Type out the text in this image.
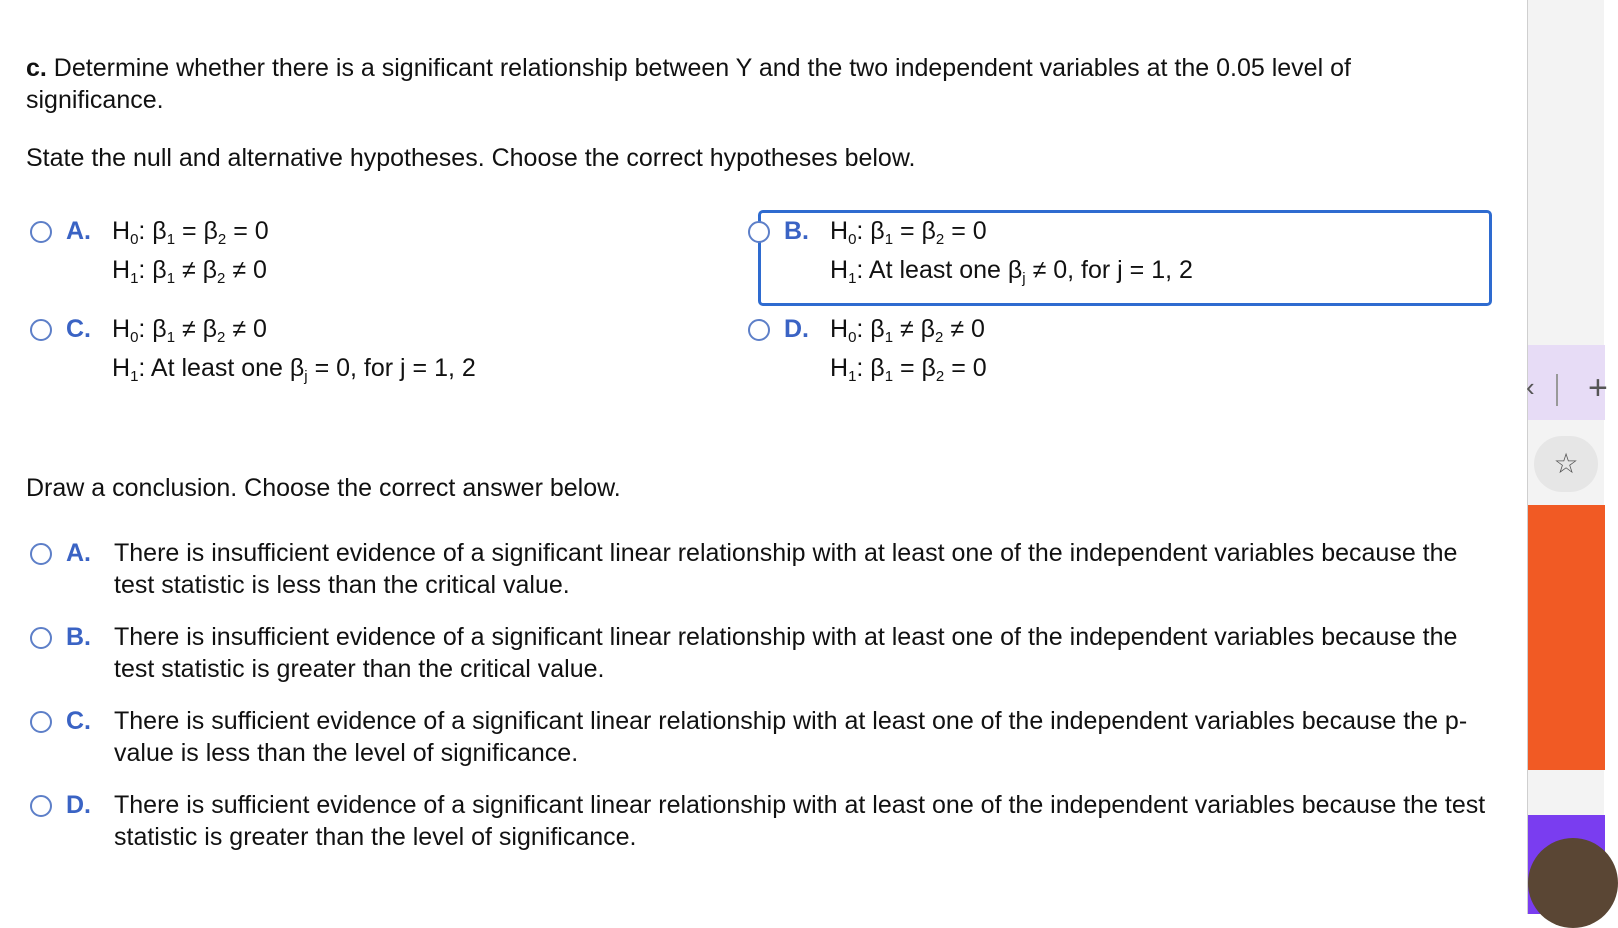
c. Determine whether there is a significant relationship between Y and the two independent variables at the 0.05 level of significance.
State the null and alternative hypotheses. Choose the correct hypotheses below.
A. $H_0$: $\beta_1 = \beta_2 = 0$
$H_1$: $\beta_1 \ne \beta_2 \ne 0$
B. $H_0$: $\beta_1 = \beta_2 = 0$
$H_1$: At least one $\beta_j \ne 0$, for j = 1, 2
C. $H_0$: $\beta_1 \ne \beta_2 \ne 0$
$H_1$: At least one $\beta_j = 0$, for j = 1, 2
D. $H_0$: $\beta_1 \ne \beta_2 \ne 0$
$H_1$: $\beta_1 = \beta_2 = 0$
Draw a conclusion. Choose the correct answer below.
A. There is insufficient evidence of a significant linear relationship with at least one of the independent variables because the test statistic is less than the critical value.
B. There is insufficient evidence of a significant linear relationship with at least one of the independent variables because the test statistic is greater than the critical value.
C. There is sufficient evidence of a significant linear relationship with at least one of the independent variables because the p-value is less than the level of significance.
D. There is sufficient evidence of a significant linear relationship with at least one of the independent variables because the test statistic is greater than the level of significance.
‹ +
☆
